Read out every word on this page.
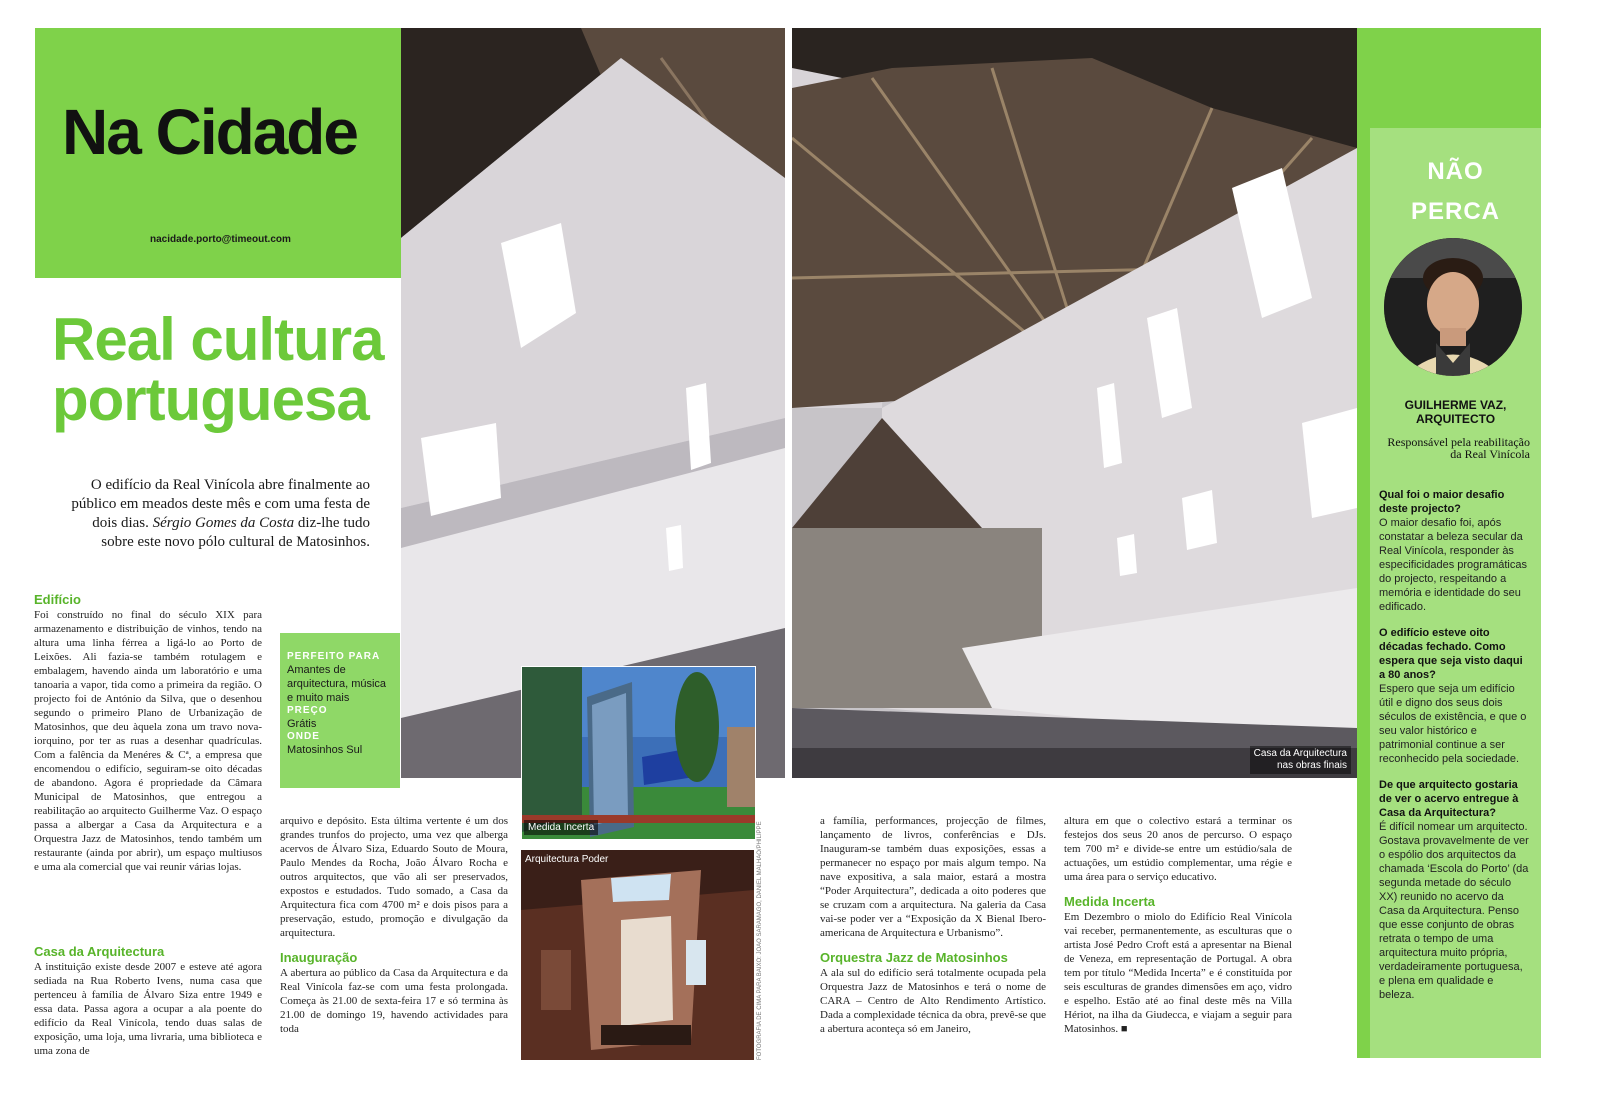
Na Cidade
nacidade.porto@timeout.com
Real cultura
portuguesa
O edifício da Real Vinícola abre finalmente ao público em meados deste mês e com uma festa de dois dias. Sérgio Gomes da Costa diz-lhe tudo sobre este novo pólo cultural de Matosinhos.
Edifício
Foi construído no final do século XIX para armazenamento e distribuição de vinhos, tendo na altura uma linha férrea a ligá-lo ao Porto de Leixões. Ali fazia-se também rotulagem e embalagem, havendo ainda um laboratório e uma tanoaria a vapor, tida como a primeira da região. O projecto foi de António da Silva, que o desenhou segundo o primeiro Plano de Urbanização de Matosinhos, que deu àquela zona um travo nova-iorquino, por ter as ruas a desenhar quadrículas. Com a falência da Menéres & Cª, a empresa que encomendou o edifício, seguiram-se oito décadas de abandono. Agora é propriedade da Câmara Municipal de Matosinhos, que entregou a reabilitação ao arquitecto Guilherme Vaz. O espaço passa a albergar a Casa da Arquitectura e a Orquestra Jazz de Matosinhos, tendo também um restaurante (ainda por abrir), um espaço multiusos e uma ala comercial que vai reunir várias lojas.
Casa da Arquitectura
A instituição existe desde 2007 e esteve até agora sediada na Rua Roberto Ivens, numa casa que pertenceu à família de Álvaro Siza entre 1949 e essa data. Passa agora a ocupar a ala poente do edifício da Real Vinícola, tendo duas salas de exposição, uma loja, uma livraria, uma biblioteca e uma zona de
PERFEITO PARA
Amantes de arquitectura, música e muito mais
PREÇO
Grátis
ONDE
Matosinhos Sul
arquivo e depósito. Esta última vertente é um dos grandes trunfos do projecto, uma vez que alberga acervos de Álvaro Siza, Eduardo Souto de Moura, Paulo Mendes da Rocha, João Álvaro Rocha e outros arquitectos, que vão ali ser preservados, expostos e estudados. Tudo somado, a Casa da Arquitectura fica com 4700 m² e dois pisos para a preservação, estudo, promoção e divulgação da arquitectura.
Inauguração
A abertura ao público da Casa da Arquitectura e da Real Vinícola faz-se com uma festa prolongada. Começa às 21.00 de sexta-feira 17 e só termina às 21.00 de domingo 19, havendo actividades para toda
a família, performances, projecção de filmes, lançamento de livros, conferências e DJs. Inauguram-se também duas exposições, essas a permanecer no espaço por mais algum tempo. Na nave expositiva, a sala maior, estará a mostra “Poder Arquitectura”, dedicada a oito poderes que se cruzam com a arquitectura. Na galeria da Casa vai-se poder ver a “Exposição da X Bienal Ibero-americana de Arquitectura e Urbanismo”.
Orquestra Jazz de Matosinhos
A ala sul do edifício será totalmente ocupada pela Orquestra Jazz de Matosinhos e terá o nome de CARA – Centro de Alto Rendimento Artístico. Dada a complexidade técnica da obra, prevê-se que a abertura aconteça só em Janeiro,
altura em que o colectivo estará a terminar os festejos dos seus 20 anos de percurso. O espaço tem 700 m² e divide-se entre um estúdio/sala de actuações, um estúdio complementar, uma régie e uma área para o serviço educativo.
Medida Incerta
Em Dezembro o miolo do Edifício Real Vinícola vai receber, permanentemente, as esculturas que o artista José Pedro Croft está a apresentar na Bienal de Veneza, em representação de Portugal. A obra tem por título “Medida Incerta” e é constituída por seis esculturas de grandes dimensões em aço, vidro e espelho. Estão até ao final deste mês na Villa Hériot, na ilha da Giudecca, e viajam a seguir para Matosinhos. ■
Casa da Arquitectura
nas obras finais
Medida Incerta
Arquitectura Poder	FOTOGRAFIA DE CIMA PARA BAIXO: JOÃO SARAMAGO, DANIEL MALHÃO/PHILIPPE
NÃO
PERCA
GUILHERME VAZ,
ARQUITECTO
Responsável pela reabilitação da Real Vinícola
Qual foi o maior desafio deste projecto?
O maior desafio foi, após constatar a beleza secular da Real Vinícola, responder às especificidades programáticas do projecto, respeitando a memória e identidade do seu edificado.
O edifício esteve oito décadas fechado. Como espera que seja visto daqui a 80 anos?
Espero que seja um edifício útil e digno dos seus dois séculos de existência, e que o seu valor histórico e patrimonial continue a ser reconhecido pela sociedade.
De que arquitecto gostaria de ver o acervo entregue à Casa da Arquitectura?
É difícil nomear um arquitecto. Gostava provavelmente de ver o espólio dos arquitectos da chamada ‘Escola do Porto’ (da segunda metade do século XX) reunido no acervo da Casa da Arquitectura. Penso que esse conjunto de obras retrata o tempo de uma arquitectura muito própria, verdadeiramente portuguesa, e plena em qualidade e beleza.
